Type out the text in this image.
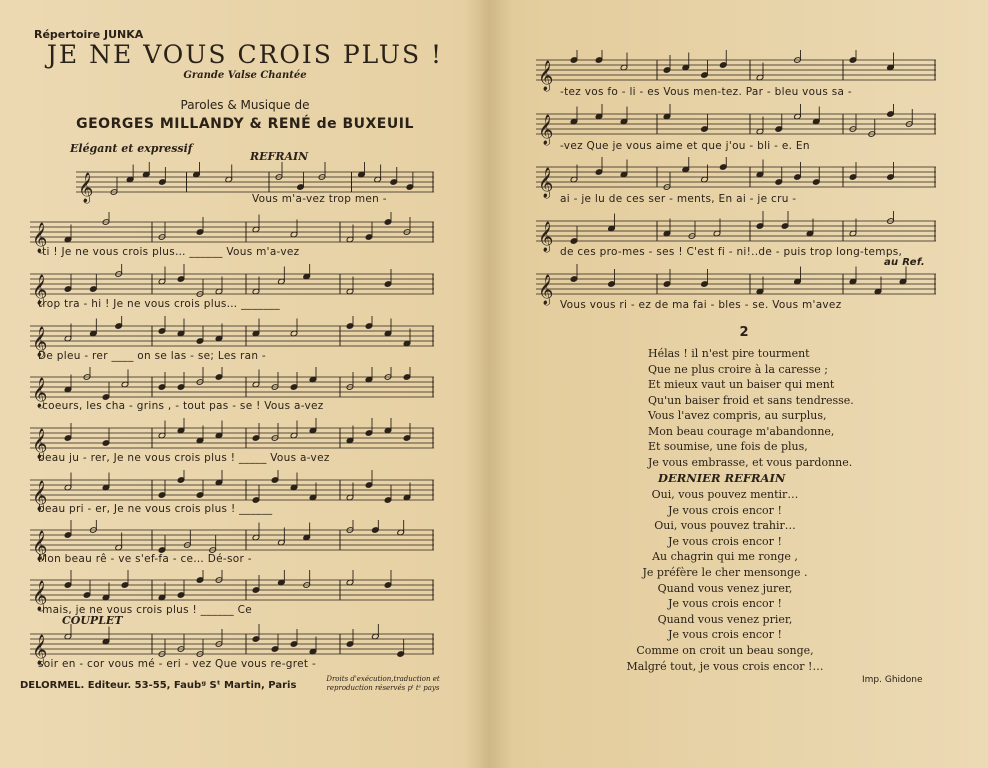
Répertoire JUNKA
JE NE VOUS CROIS PLUS !
Grande Valse Chantée
Paroles & Musique de
GEORGES MILLANDY & RENÉ de BUXEUIL
Elégant et expressif
REFRAIN
COUPLET
𝄞
𝄞
𝄞
𝄞
𝄞
𝄞
𝄞
𝄞
𝄞
𝄞
Vous m'a-vez trop men -
-ti ! Je ne vous crois plus… ______ Vous m'a-vez
trop tra - hi ! Je ne vous crois plus… _______
De pleu - rer ____ on se las - se; Les ran -
-coeurs, les cha - grins , - tout pas - se ! Vous a-vez
beau ju - rer, Je ne vous crois plus ! _____ Vous a-vez
beau pri - er, Je ne vous crois plus ! ______
Mon beau rê - ve s'ef-fa - ce… Dé-sor -
-mais, je ne vous crois plus ! ______ Ce
soir en - cor vous mé - eri - vez Que vous re-gret -
DELORMEL. Editeur. 53-55, Faubᵍ Sᵗ Martin, Paris
Droits d'exécution,traduction et reproduction réservés pᵗ tˢ pays
𝄞
𝄞
𝄞
𝄞
𝄞
-tez vos fo - li - es Vous men-tez. Par - bleu vous sa -
-vez Que je vous aime et que j'ou - bli - e. En
ai - je lu de ces ser - ments, En ai - je cru -
de ces pro-mes - ses ! C'est fi - ni!..de - puis trop long-temps,
Vous vous ri - ez de ma fai - bles - se. Vous m'avez
au Ref.
2
Hélas ! il n'est pire tourment
Que ne plus croire à la caresse ;
Et mieux vaut un baiser qui ment
Qu'un baiser froid et sans tendresse.
Vous l'avez compris, au surplus,
Mon beau courage m'abandonne,
Et soumise, une fois de plus,
Je vous embrasse, et vous pardonne.
DERNIER REFRAIN
Oui, vous pouvez mentir…
Je vous crois encor !
Oui, vous pouvez trahir…
Je vous crois encor !
Au chagrin qui me ronge ,
Je préfère le cher mensonge .
Quand vous venez jurer,
Je vous crois encor !
Quand vous venez prier,
Je vous crois encor !
Comme on croit un beau songe,
Malgré tout, je vous crois encor !…
Imp. Ghidone
